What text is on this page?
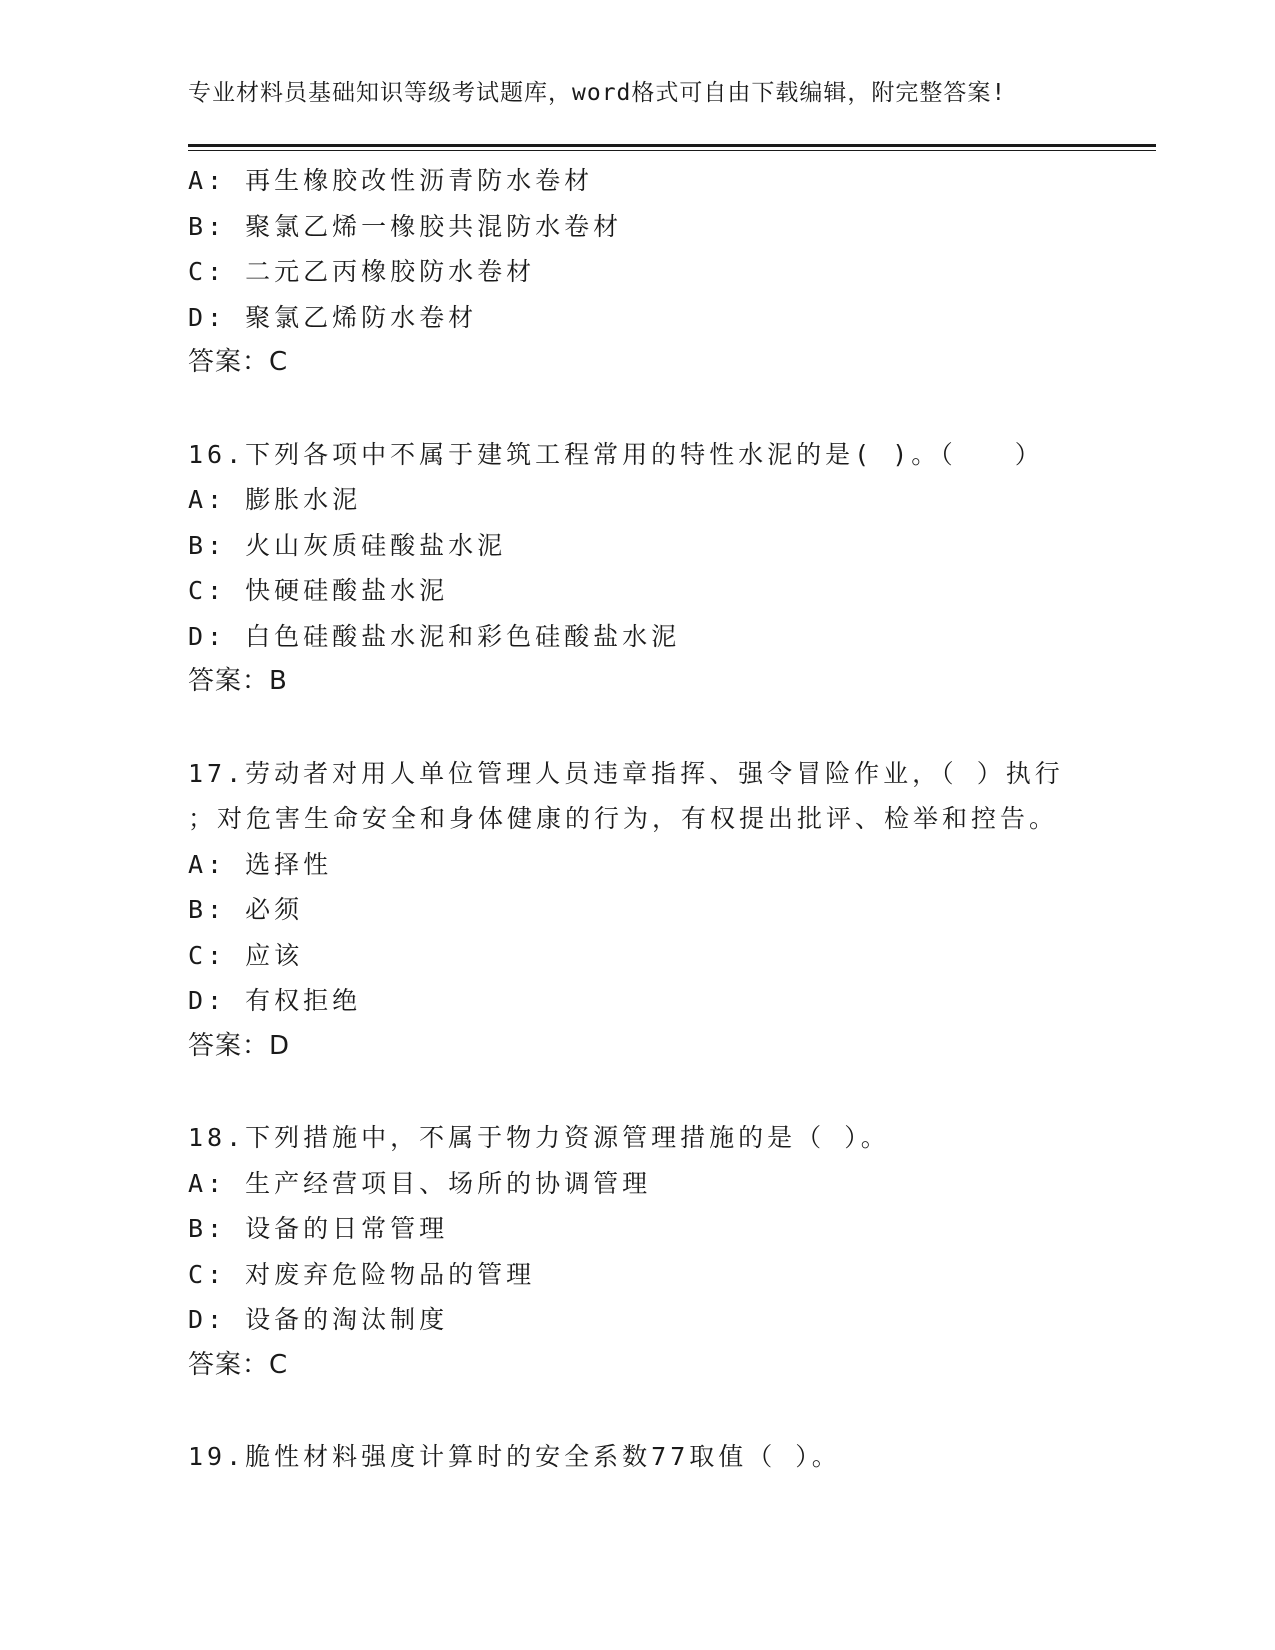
专业材料员基础知识等级考试题库，word格式可自由下载编辑，附完整答案!
A: 再生橡胶改性沥青防水卷材
B: 聚氯乙烯一橡胶共混防水卷材
C: 二元乙丙橡胶防水卷材
D: 聚氯乙烯防水卷材
答案：C
16.下列各项中不属于建筑工程常用的特性水泥的是( )。（　　）
A: 膨胀水泥
B: 火山灰质硅酸盐水泥
C: 快硬硅酸盐水泥
D: 白色硅酸盐水泥和彩色硅酸盐水泥
答案：B
17.劳动者对用人单位管理人员违章指挥、强令冒险作业，（ ）执行
；对危害生命安全和身体健康的行为，有权提出批评、检举和控告。
A: 选择性
B: 必须
C: 应该
D: 有权拒绝
答案：D
18.下列措施中，不属于物力资源管理措施的是（ ）。
A: 生产经营项目、场所的协调管理
B: 设备的日常管理
C: 对废弃危险物品的管理
D: 设备的淘汰制度
答案：C
19.脆性材料强度计算时的安全系数77取值（ ）。
